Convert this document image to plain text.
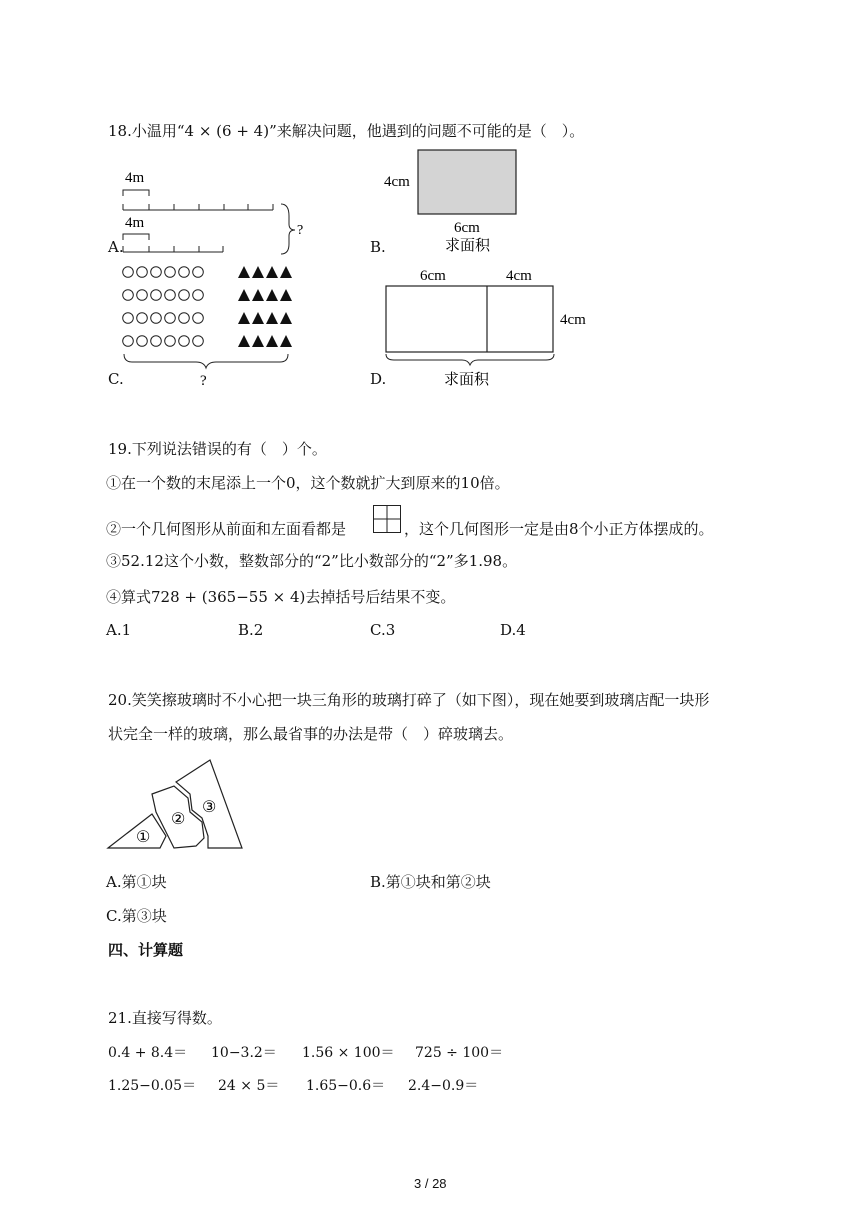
18.小温用“4 × (6 + 4)”来解决问题，他遇到的问题不可能的是（　）。
4m
4m	?
A.
4cm
6cm
求面积
B.
?
C.
6cm	4cm
4cm
求面积
D.
19.下列说法错误的有（　）个。
①在一个数的末尾添上一个0，这个数就扩大到原来的10倍。
②一个几何图形从前面和左面看都是	，这个几何图形一定是由8个小正方体摆成的。
③52.12这个小数，整数部分的“2”比小数部分的“2”多1.98。
④算式728 + (365−55 × 4)去掉括号后结果不变。
A.1	B.2	C.3	D.4
20.笑笑擦玻璃时不小心把一块三角形的玻璃打碎了（如下图），现在她要到玻璃店配一块形
状完全一样的玻璃，那么最省事的办法是带（　）碎玻璃去。
①
②
③
A.第①块	B.第①块和第②块
C.第③块
四、计算题
21.直接写得数。
0.4 + 8.4＝ 10−3.2＝ 1.56 × 100＝ 725 ÷ 100＝
1.25−0.05＝ 24 × 5＝ 1.65−0.6＝ 2.4−0.9＝
3 / 28
